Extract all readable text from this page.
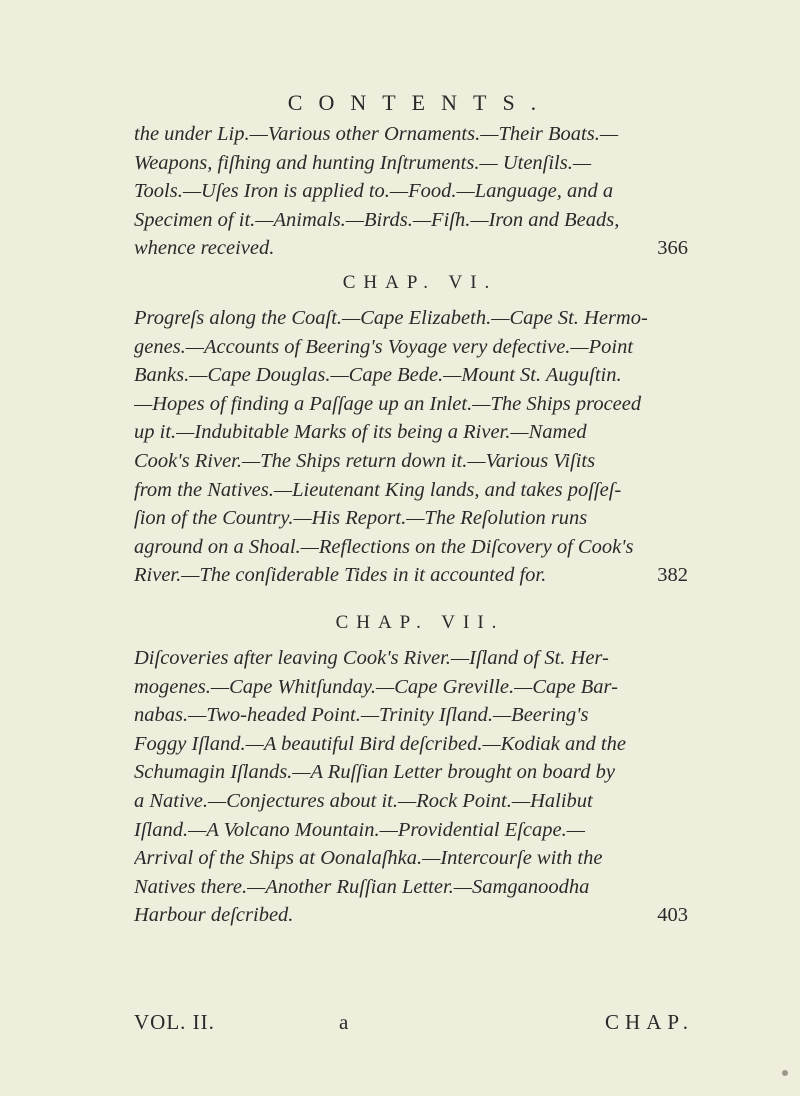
CONTENTS.
the under Lip.—Various other Ornaments.—Their Boats.—
Weapons, fiſhing and hunting Inſtruments.— Utenſils.—
Tools.—Uſes Iron is applied to.—Food.—Language, and a
Specimen of it.—Animals.—Birds.—Fiſh.—Iron and Beads,
whence received.	366
CHAP. VI.
Progreſs along the Coaſt.—Cape Elizabeth.—Cape St. Hermo-
genes.—Accounts of Beering's Voyage very defective.—Point
Banks.—Cape Douglas.—Cape Bede.—Mount St. Auguſtin.
—Hopes of finding a Paſſage up an Inlet.—The Ships proceed
up it.—Indubitable Marks of its being a River.—Named
Cook's River.—The Ships return down it.—Various Viſits
from the Natives.—Lieutenant King lands, and takes poſſeſ-
ſion of the Country.—His Report.—The Reſolution runs
aground on a Shoal.—Reflections on the Diſcovery of Cook's
River.—The conſiderable Tides in it accounted for.	382
CHAP. VII.
Diſcoveries after leaving Cook's River.—Iſland of St. Her-
mogenes.—Cape Whitſunday.—Cape Greville.—Cape Bar-
nabas.—Two-headed Point.—Trinity Iſland.—Beering's
Foggy Iſland.—A beautiful Bird deſcribed.—Kodiak and the
Schumagin Iſlands.—A Ruſſian Letter brought on board by
a Native.—Conjectures about it.—Rock Point.—Halibut
Iſland.—A Volcano Mountain.—Providential Eſcape.—
Arrival of the Ships at Oonalaſhka.—Intercourſe with the
Natives there.—Another Ruſſian Letter.—Samganoodha
Harbour deſcribed.	403
VOL. II.	a	CHAP.
